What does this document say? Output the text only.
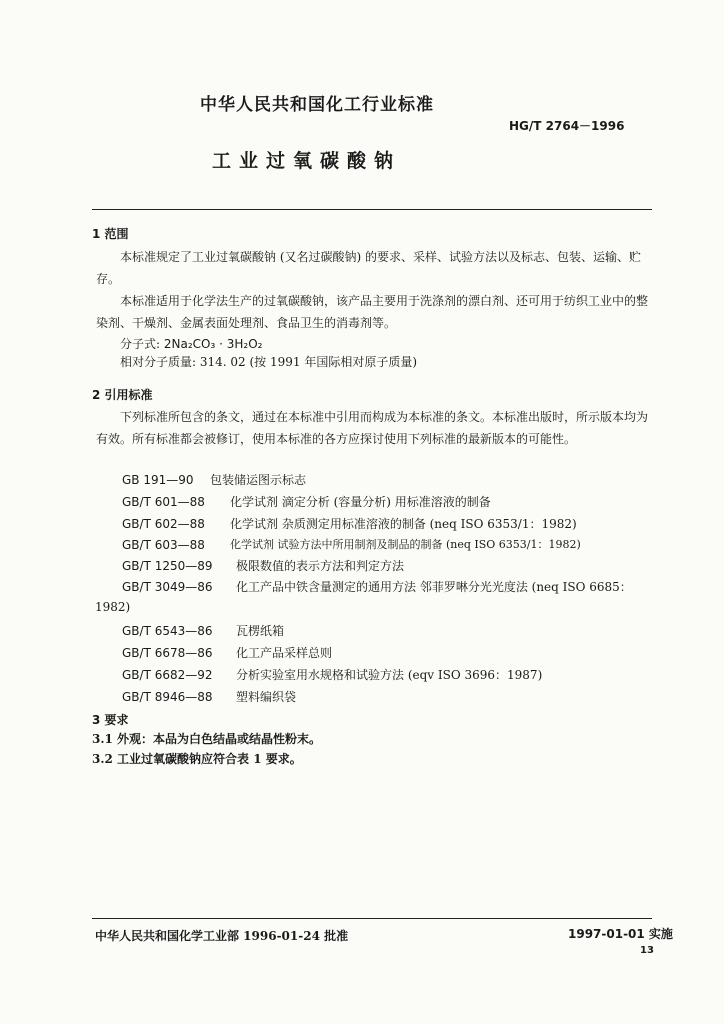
中华人民共和国化工行业标准
HG/T 2764－1996
工业过氧碳酸钠
1 范围
本标准规定了工业过氧碳酸钠 (又名过碳酸钠) 的要求、采样、试验方法以及标志、包装、运输、贮存。
本标准适用于化学法生产的过氧碳酸钠，该产品主要用于洗涤剂的漂白剂、还可用于纺织工业中的整染剂、干燥剂、金属表面处理剂、食品卫生的消毒剂等。
分子式: 2Na₂CO₃ · 3H₂O₂
相对分子质量: 314. 02 (按 1991 年国际相对原子质量)
2 引用标准
下列标准所包含的条文，通过在本标准中引用而构成为本标准的条文。本标准出版时，所示版本均为有效。所有标准都会被修订，使用本标准的各方应探讨使用下列标准的最新版本的可能性。
GB 191—90 包装储运图示标志
GB/T 601—88 化学试剂 滴定分析 (容量分析) 用标准溶液的制备
GB/T 602—88 化学试剂 杂质测定用标准溶液的制备 (neq ISO 6353/1：1982)
GB/T 603—88 化学试剂 试验方法中所用制剂及制品的制备 (neq ISO 6353/1：1982)
GB/T 1250—89 极限数值的表示方法和判定方法
GB/T 3049—86 化工产品中铁含量测定的通用方法 邻菲罗啉分光光度法 (neq ISO 6685：
1982)
GB/T 6543—86 瓦楞纸箱
GB/T 6678—86 化工产品采样总则
GB/T 6682—92 分析实验室用水规格和试验方法 (eqv ISO 3696：1987)
GB/T 8946—88 塑料编织袋
3 要求
3.1 外观：本品为白色结晶或结晶性粉末。
3.2 工业过氧碳酸钠应符合表 1 要求。
中华人民共和国化学工业部 1996-01-24 批准	1997-01-01 实施
13
